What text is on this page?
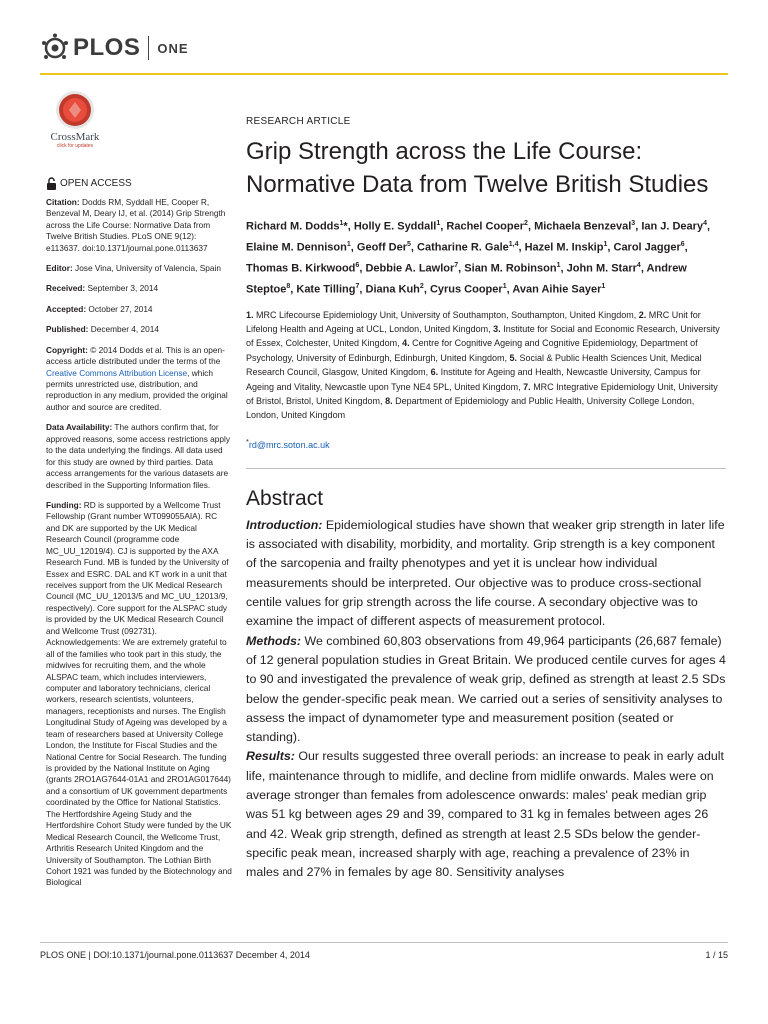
PLOS ONE
CrossMark
click for updates
OPEN ACCESS
Citation: Dodds RM, Syddall HE, Cooper R, Benzeval M, Deary IJ, et al. (2014) Grip Strength across the Life Course: Normative Data from Twelve British Studies. PLoS ONE 9(12): e113637. doi:10.1371/journal.pone.0113637
Editor: Jose Vina, University of Valencia, Spain
Received: September 3, 2014
Accepted: October 27, 2014
Published: December 4, 2014
Copyright: © 2014 Dodds et al. This is an open-access article distributed under the terms of the Creative Commons Attribution License, which permits unrestricted use, distribution, and reproduction in any medium, provided the original author and source are credited.
Data Availability: The authors confirm that, for approved reasons, some access restrictions apply to the data underlying the findings. All data used for this study are owned by third parties. Data access arrangements for the various datasets are described in the Supporting Information files.
Funding: RD is supported by a Wellcome Trust Fellowship (Grant number WT099055AIA). RC and DK are supported by the UK Medical Research Council (programme code MC_UU_12019/4). CJ is supported by the AXA Research Fund. MB is funded by the University of Essex and ESRC. DAL and KT work in a unit that receives support from the UK Medical Research Council (MC_UU_12013/5 and MC_UU_12013/9, respectively). Core support for the ALSPAC study is provided by the UK Medical Research Council and Wellcome Trust (092731). Acknowledgements: We are extremely grateful to all of the families who took part in this study, the midwives for recruiting them, and the whole ALSPAC team, which includes interviewers, computer and laboratory technicians, clerical workers, research scientists, volunteers, managers, receptionists and nurses. The English Longitudinal Study of Ageing was developed by a team of researchers based at University College London, the Institute for Fiscal Studies and the National Centre for Social Research. The funding is provided by the National Institute on Aging (grants 2RO1AG7644-01A1 and 2RO1AG017644) and a consortium of UK government departments coordinated by the Office for National Statistics. The Hertfordshire Ageing Study and the Hertfordshire Cohort Study were funded by the UK Medical Research Council, the Wellcome Trust, Arthritis Research United Kingdom and the University of Southampton. The Lothian Birth Cohort 1921 was funded by the Biotechnology and Biological
RESEARCH ARTICLE
Grip Strength across the Life Course: Normative Data from Twelve British Studies
Richard M. Dodds$^1$*, Holly E. Syddall$^1$, Rachel Cooper$^2$, Michaela Benzeval$^3$, Ian J. Deary$^4$, Elaine M. Dennison$^1$, Geoff Der$^5$, Catharine R. Gale$^{1,4}$, Hazel M. Inskip$^1$, Carol Jagger$^6$, Thomas B. Kirkwood$^6$, Debbie A. Lawlor$^7$, Sian M. Robinson$^1$, John M. Starr$^4$, Andrew Steptoe$^8$, Kate Tilling$^7$, Diana Kuh$^2$, Cyrus Cooper$^1$, Avan Aihie Sayer$^1$
1. MRC Lifecourse Epidemiology Unit, University of Southampton, Southampton, United Kingdom, 2. MRC Unit for Lifelong Health and Ageing at UCL, London, United Kingdom, 3. Institute for Social and Economic Research, University of Essex, Colchester, United Kingdom, 4. Centre for Cognitive Ageing and Cognitive Epidemiology, Department of Psychology, University of Edinburgh, Edinburgh, United Kingdom, 5. Social & Public Health Sciences Unit, Medical Research Council, Glasgow, United Kingdom, 6. Institute for Ageing and Health, Newcastle University, Campus for Ageing and Vitality, Newcastle upon Tyne NE4 5PL, United Kingdom, 7. MRC Integrative Epidemiology Unit, University of Bristol, Bristol, United Kingdom, 8. Department of Epidemiology and Public Health, University College London, London, United Kingdom
*rd@mrc.soton.ac.uk
Abstract

Introduction: Epidemiological studies have shown that weaker grip strength in later life is associated with disability, morbidity, and mortality. Grip strength is a key component of the sarcopenia and frailty phenotypes and yet it is unclear how individual measurements should be interpreted. Our objective was to produce cross-sectional centile values for grip strength across the life course. A secondary objective was to examine the impact of different aspects of measurement protocol.
Methods: We combined 60,803 observations from 49,964 participants (26,687 female) of 12 general population studies in Great Britain. We produced centile curves for ages 4 to 90 and investigated the prevalence of weak grip, defined as strength at least 2.5 SDs below the gender-specific peak mean. We carried out a series of sensitivity analyses to assess the impact of dynamometer type and measurement position (seated or standing).
Results: Our results suggested three overall periods: an increase to peak in early adult life, maintenance through to midlife, and decline from midlife onwards. Males were on average stronger than females from adolescence onwards: males' peak median grip was 51 kg between ages 29 and 39, compared to 31 kg in females between ages 26 and 42. Weak grip strength, defined as strength at least 2.5 SDs below the gender-specific peak mean, increased sharply with age, reaching a prevalence of 23% in males and 27% in females by age 80. Sensitivity analyses

PLOS ONE | DOI:10.1371/journal.pone.0113637 December 4, 2014	1 / 15
